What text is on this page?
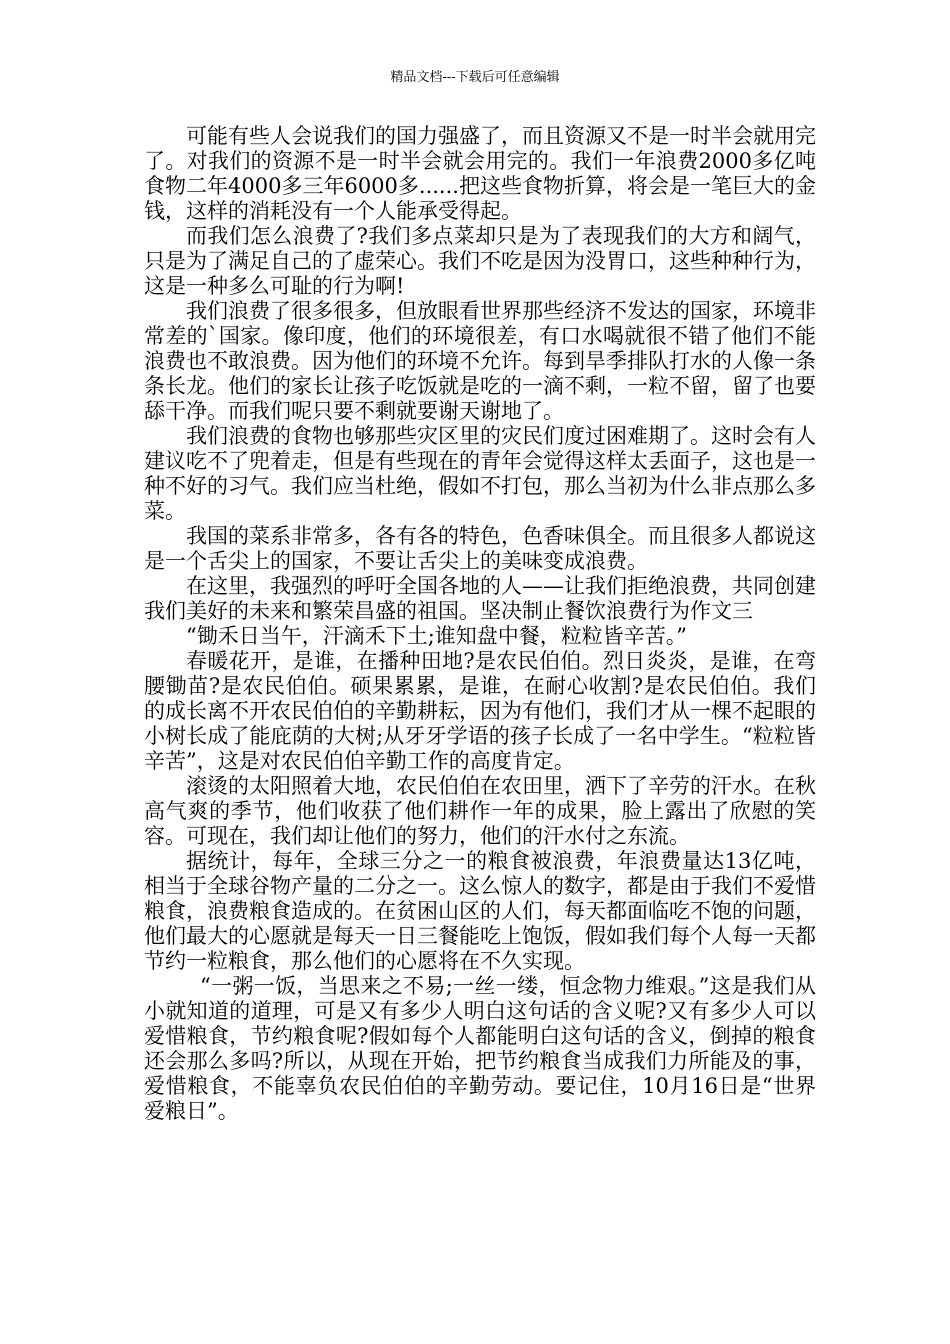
精品文档---下载后可任意编辑

可能有些人会说我们的国力强盛了，而且资源又不是一时半会就用完了。对我们的资源不是一时半会就会用完的。我们一年浪费2000多亿吨食物二年4000多三年6000多......把这些食物折算，将会是一笔巨大的金钱，这样的消耗没有一个人能承受得起。

而我们怎么浪费了?我们多点菜却只是为了表现我们的大方和阔气，只是为了满足自己的了虚荣心。我们不吃是因为没胃口，这些种种行为，这是一种多么可耻的行为啊!

我们浪费了很多很多，但放眼看世界那些经济不发达的国家，环境非常差的`国家。像印度，他们的环境很差，有口水喝就很不错了他们不能浪费也不敢浪费。因为他们的环境不允许。每到旱季排队打水的人像一条条长龙。他们的家长让孩子吃饭就是吃的一滴不剩，一粒不留，留了也要舔干净。而我们呢只要不剩就要谢天谢地了。

我们浪费的食物也够那些灾区里的灾民们度过困难期了。这时会有人建议吃不了兜着走，但是有些现在的青年会觉得这样太丢面子，这也是一种不好的习气。我们应当杜绝，假如不打包，那么当初为什么非点那么多菜。

我国的菜系非常多，各有各的特色，色香味俱全。而且很多人都说这是一个舌尖上的国家，不要让舌尖上的美味变成浪费。

在这里，我强烈的呼吁全国各地的人——让我们拒绝浪费，共同创建我们美好的未来和繁荣昌盛的祖国。坚决制止餐饮浪费行为作文三

“锄禾日当午，汗滴禾下土;谁知盘中餐，粒粒皆辛苦。”

春暖花开，是谁，在播种田地?是农民伯伯。烈日炎炎，是谁，在弯腰锄苗?是农民伯伯。硕果累累，是谁，在耐心收割?是农民伯伯。我们的成长离不开农民伯伯的辛勤耕耘，因为有他们，我们才从一棵不起眼的小树长成了能庇荫的大树;从牙牙学语的孩子长成了一名中学生。“粒粒皆辛苦”，这是对农民伯伯辛勤工作的高度肯定。

滚烫的太阳照着大地，农民伯伯在农田里，洒下了辛劳的汗水。在秋高气爽的季节，他们收获了他们耕作一年的成果，脸上露出了欣慰的笑容。可现在，我们却让他们的努力，他们的汗水付之东流。

据统计，每年，全球三分之一的粮食被浪费，年浪费量达13亿吨，相当于全球谷物产量的二分之一。这么惊人的数字，都是由于我们不爱惜粮食，浪费粮食造成的。在贫困山区的人们，每天都面临吃不饱的问题，他们最大的心愿就是每天一日三餐能吃上饱饭，假如我们每个人每一天都节约一粒粮食，那么他们的心愿将在不久实现。

“一粥一饭，当思来之不易;一丝一缕，恒念物力维艰。”这是我们从小就知道的道理，可是又有多少人明白这句话的含义呢?又有多少人可以爱惜粮食，节约粮食呢?假如每个人都能明白这句话的含义，倒掉的粮食还会那么多吗?所以，从现在开始，把节约粮食当成我们力所能及的事，爱惜粮食，不能辜负农民伯伯的辛勤劳动。要记住，10月16日是“世界爱粮日”。
